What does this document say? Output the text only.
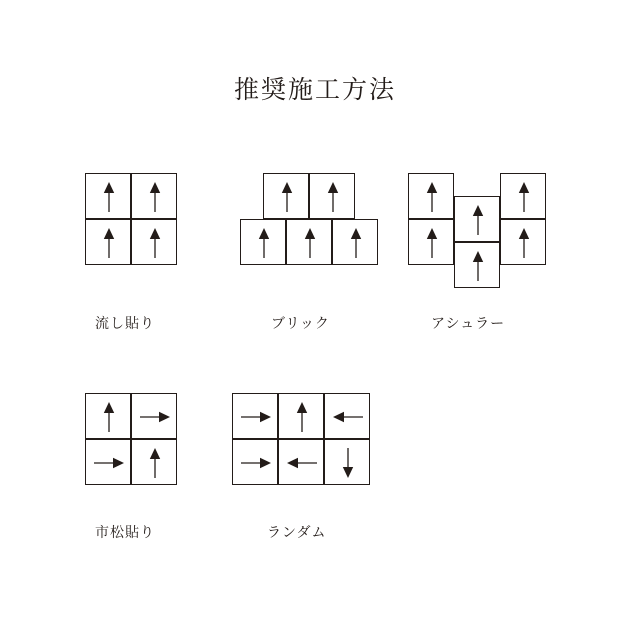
推奨施工方法
流し貼り	ブリック	アシュラー
市松貼り	ランダム
